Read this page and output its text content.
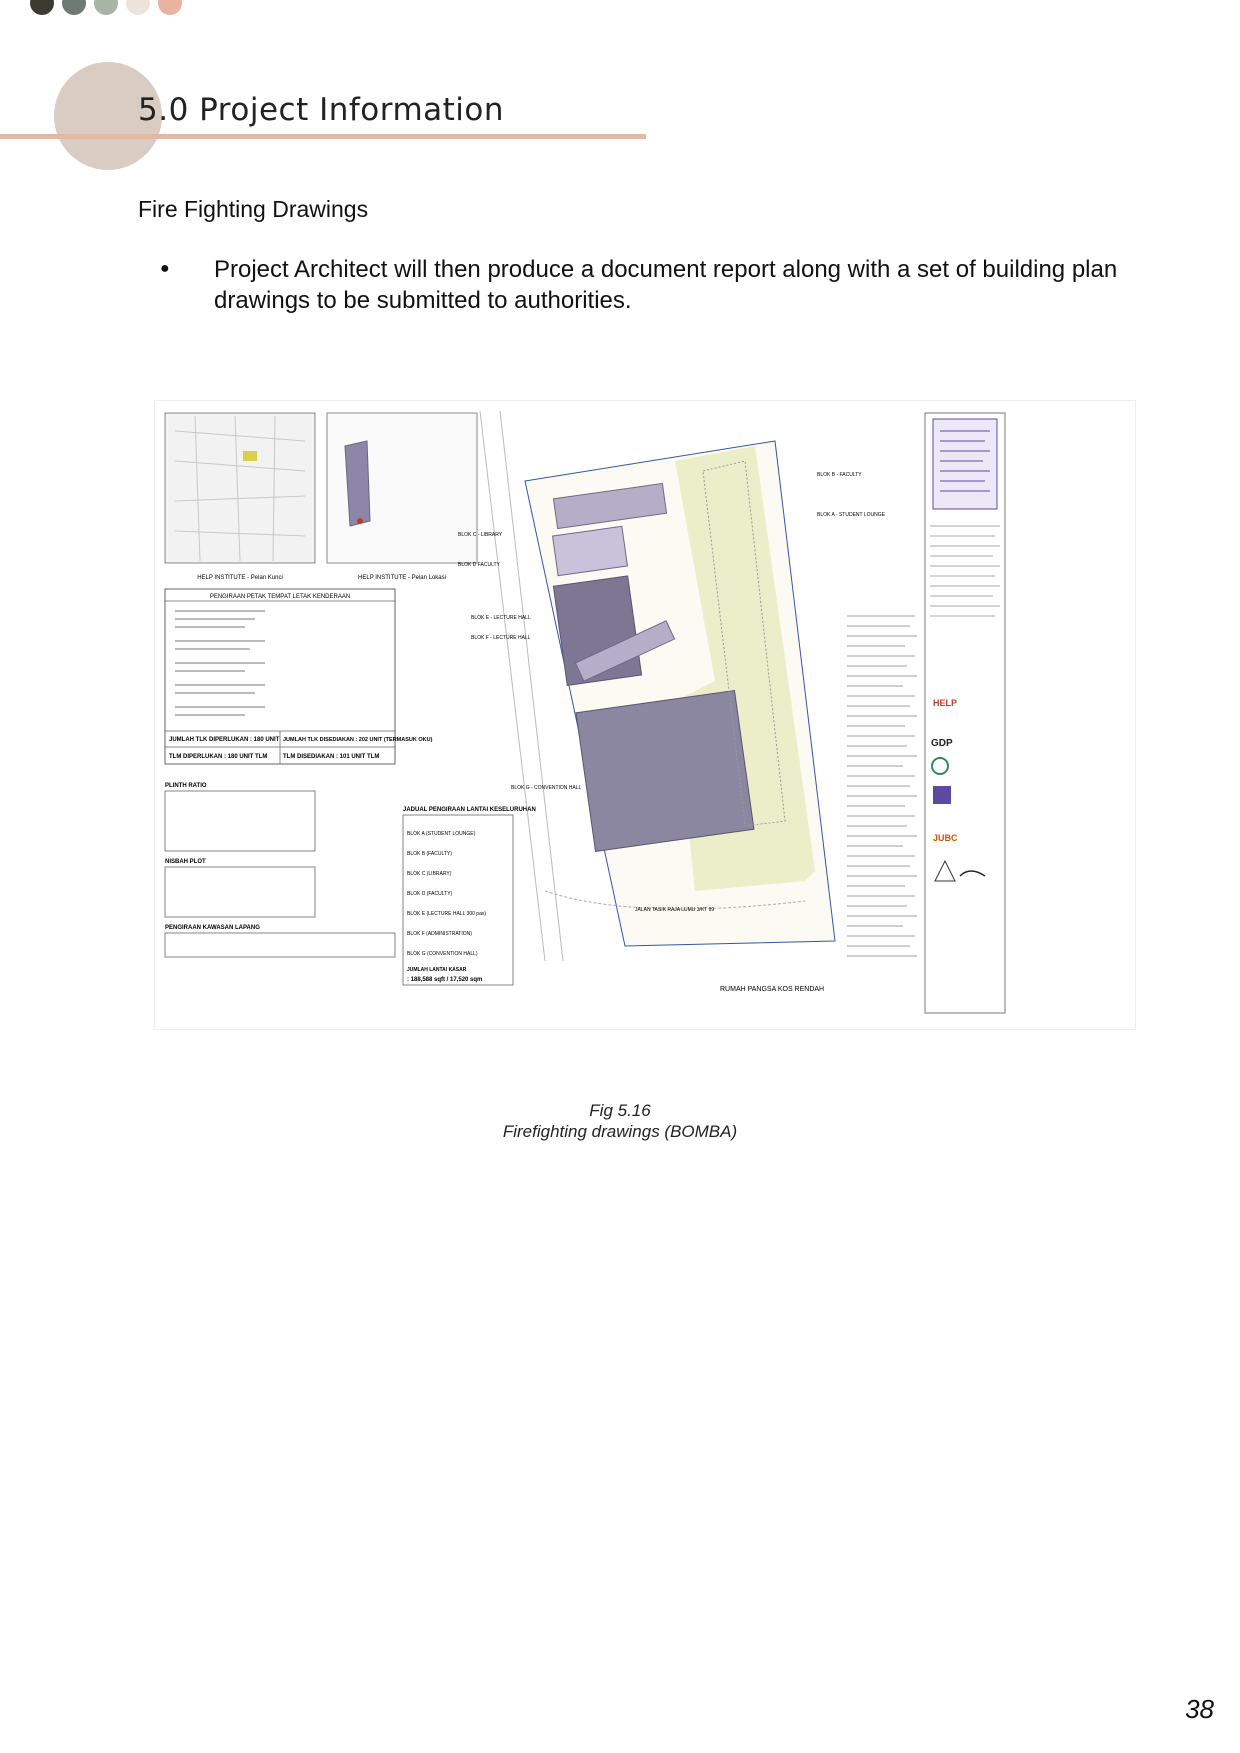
5.0 Project Information
Fire Fighting Drawings
● Project Architect will then produce a document report along with a set of building plan drawings to be submitted to authorities.
HELP INSTITUTE - Pelan Kunci	HELP INSTITUTE - Pelan Lokasi
PENGIRAAN PETAK TEMPAT LETAK KENDERAAN
JUMLAH TLK DIPERLUKAN : 180 UNIT JUMLAH TLK DISEDIAKAN : 202 UNIT (TERMASUK OKU)
TLM DIPERLUKAN : 180 UNIT TLM	TLM DISEDIAKAN : 101 UNIT TLM
PLINTH RATIO
NISBAH PLOT
PENGIRAAN KAWASAN LAPANG
JADUAL PENGIRAAN LANTAI KESELURUHAN
BLOK A (STUDENT LOUNGE)
BLOK B (FACULTY)
BLOK C (LIBRARY)
BLOK D (FACULTY)
BLOK E (LECTURE HALL 300 pax)
BLOK F (ADMINISTRATION)
BLOK G (CONVENTION HALL)
JUMLAH LANTAI KASAR
: 188,588 sqft / 17,520 sqm
BLOK B - FACULTY
BLOK A - STUDENT LOUNGE
BLOK C - LIBRARY
BLOK D FACULTY
BLOK E - LECTURE HALL
BLOK F - LECTURE HALL
BLOK G - CONVENTION HALL
JALAN TASIK RAJA LUMU 3/KT 99
RUMAH PANGSA KOS RENDAH
HELP
GDP
JUBC
Fig 5.16
Firefighting drawings (BOMBA)
38
